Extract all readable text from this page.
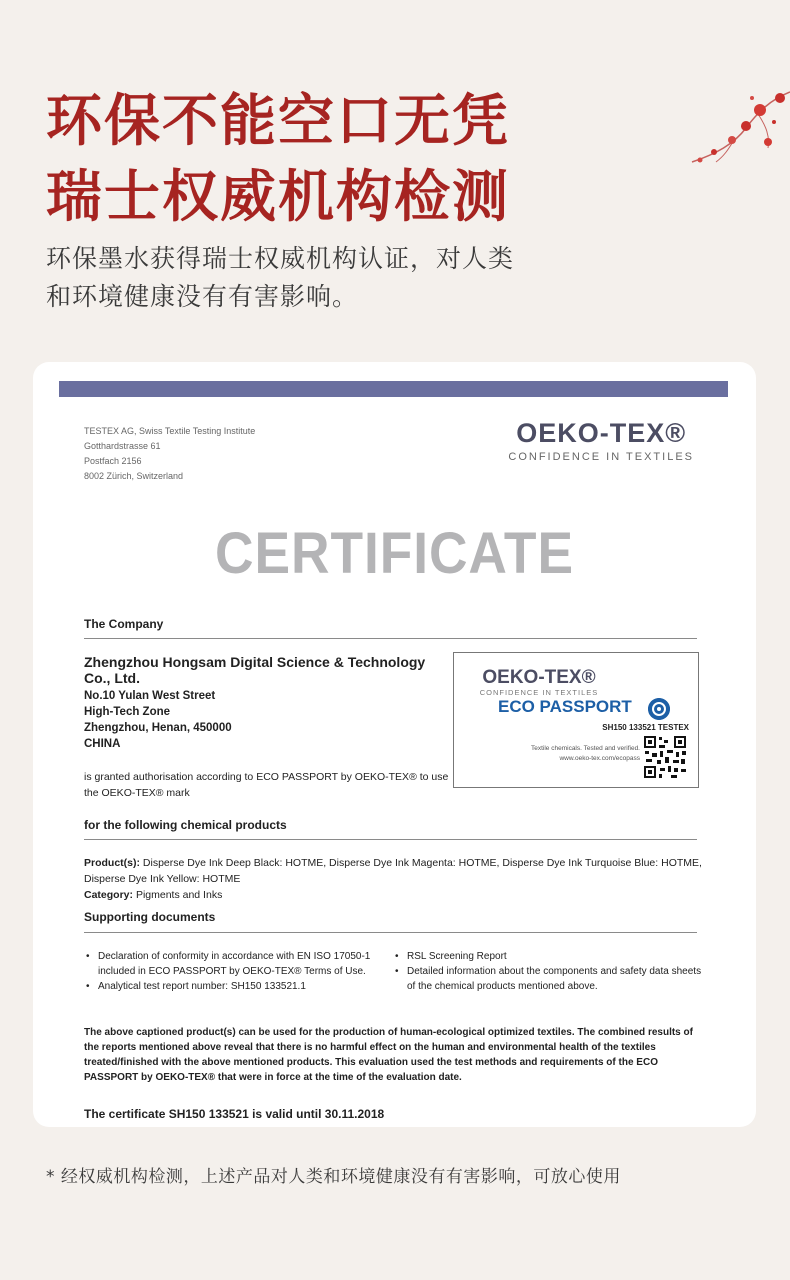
环保不能空口无凭
瑞士权威机构检测
环保墨水获得瑞士权威机构认证，对人类
和环境健康没有有害影响。
TESTEX AG, Swiss Textile Testing Institute
Gotthardstrasse 61
Postfach 2156
8002 Zürich, Switzerland
OEKO-TEX®
CONFIDENCE IN TEXTILES
CERTIFICATE
The Company
Zhengzhou Hongsam Digital Science & Technology Co., Ltd.
No.10 Yulan West Street
High-Tech Zone
Zhengzhou, Henan, 450000
CHINA
OEKO-TEX®
CONFIDENCE IN TEXTILES
ECO PASSPORT
SH150 133521 TESTEX
Textile chemicals. Tested and verified.
www.oeko-tex.com/ecopass
is granted authorisation according to ECO PASSPORT by OEKO-TEX® to use
the OEKO-TEX® mark
for the following chemical products
Product(s): Disperse Dye Ink Deep Black: HOTME, Disperse Dye Ink Magenta: HOTME, Disperse Dye Ink Turquoise Blue: HOTME, Disperse Dye Ink Yellow: HOTME
Category: Pigments and Inks
Supporting documents
• Declaration of conformity in accordance with EN ISO 17050-1 included in ECO PASSPORT by OEKO-TEX® Terms of Use.
• Analytical test report number: SH150 133521.1
• RSL Screening Report
• Detailed information about the components and safety data sheets of the chemical products mentioned above.
The above captioned product(s) can be used for the production of human-ecological optimized textiles. The combined results of the reports mentioned above reveal that there is no harmful effect on the human and environmental health of the textiles treated/finished with the above mentioned products. This evaluation used the test methods and requirements of the ECO PASSPORT by OEKO-TEX® that were in force at the time of the evaluation date.
The certificate SH150 133521 is valid until 30.11.2018
* 经权威机构检测，上述产品对人类和环境健康没有有害影响，可放心使用
